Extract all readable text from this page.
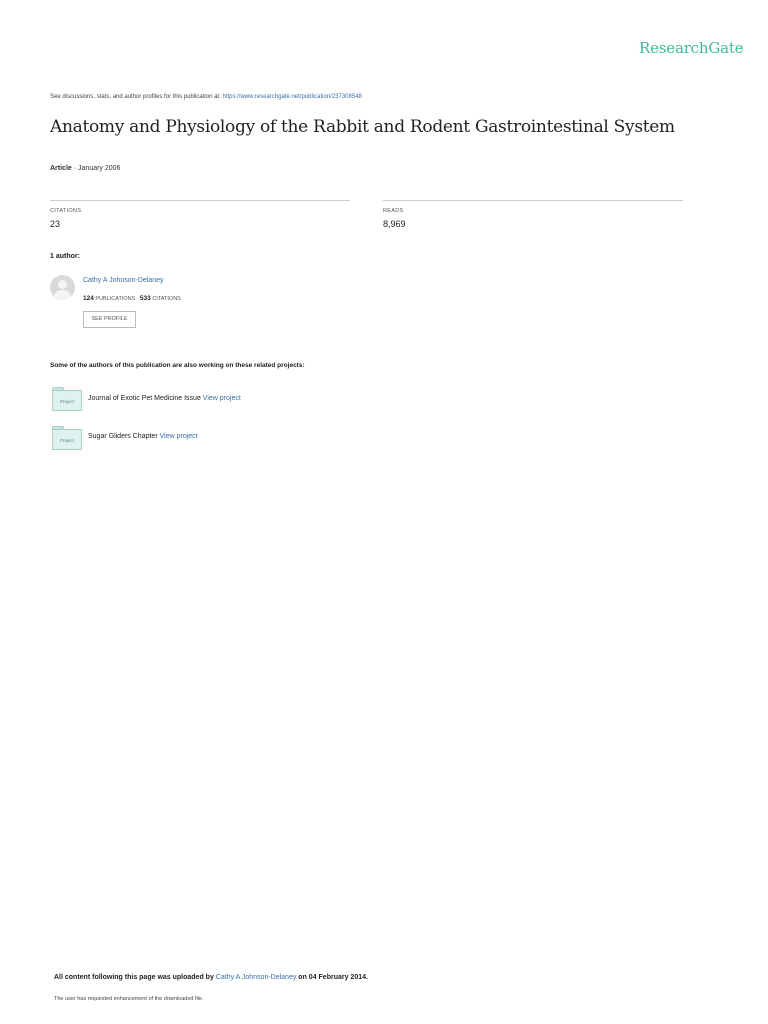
ResearchGate
See discussions, stats, and author profiles for this publication at: https://www.researchgate.net/publication/237308548
Anatomy and Physiology of the Rabbit and Rodent Gastrointestinal System
Article · January 2006
CITATIONS
23
READS
8,969
1 author:
Cathy A Johnson-Delaney
124 PUBLICATIONS 533 CITATIONS
SEE PROFILE
Some of the authors of this publication are also working on these related projects:
Project	Journal of Exotic Pet Medicine Issue View project
Project
Sugar Gliders Chapter View project
All content following this page was uploaded by Cathy A Johnson-Delaney on 04 February 2014.
The user has requested enhancement of the downloaded file.
